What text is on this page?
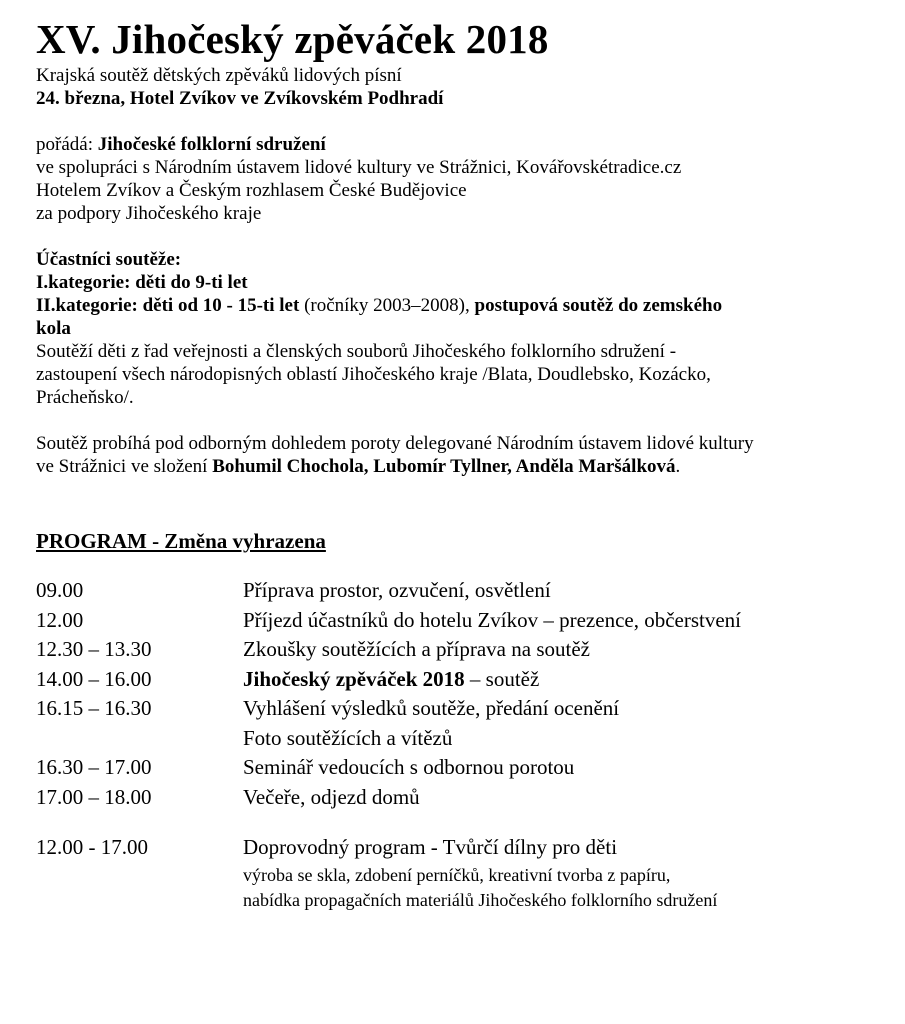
XV. Jihočeský zpěváček 2018

Krajská soutěž dětských zpěváků lidových písní

24. března, Hotel Zvíkov ve Zvíkovském Podhradí

pořádá: Jihočeské folklorní sdružení

ve spolupráci s Národním ústavem lidové kultury ve Strážnici, Kovářovskétradice.cz

Hotelem Zvíkov a Českým rozhlasem České Budějovice

za podpory Jihočeského kraje

Účastníci soutěže:

I.kategorie: děti do 9-ti let

II.kategorie: děti od 10 - 15-ti let (ročníky 2003–2008), postupová soutěž do zemského

kola

Soutěží děti z řad veřejnosti a členských souborů Jihočeského folklorního sdružení -

zastoupení všech národopisných oblastí Jihočeského kraje /Blata, Doudlebsko, Kozácko,

Prácheňsko/.

Soutěž probíhá pod odborným dohledem poroty delegované Národním ústavem lidové kultury

ve Strážnici ve složení Bohumil Chochola, Lubomír Tyllner, Anděla Maršálková.

PROGRAM - Změna vyhrazena

09.00	Příprava prostor, ozvučení, osvětlení
12.00	Příjezd účastníků do hotelu Zvíkov – prezence, občerstvení
12.30 – 13.30	Zkoušky soutěžících a příprava na soutěž
14.00 – 16.00	Jihočeský zpěváček 2018 – soutěž
16.15 – 16.30	Vyhlášení výsledků soutěže, předání ocenění
Foto soutěžících a vítězů
16.30 – 17.00	Seminář vedoucích s odbornou porotou
17.00 – 18.00	Večeře, odjezd domů
12.00 - 17.00	Doprovodný program - Tvůrčí dílny pro děti
výroba se skla, zdobení perníčků, kreativní tvorba z papíru,
nabídka propagačních materiálů Jihočeského folklorního sdružení
